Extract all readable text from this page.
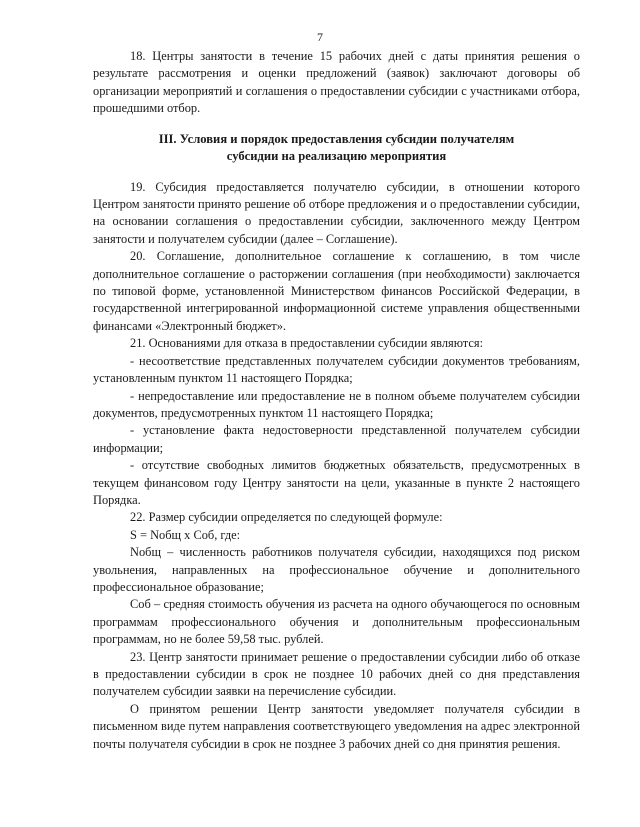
7

18. Центры занятости в течение 15 рабочих дней с даты принятия решения о результате рассмотрения и оценки предложений (заявок) заключают договоры об организации мероприятий и соглашения о предоставлении субсидии с участниками отбора, прошедшими отбор.

III. Условия и порядок предоставления субсидии получателям
субсидии на реализацию мероприятия

19. Субсидия предоставляется получателю субсидии, в отношении которого Центром занятости принято решение об отборе предложения и о предоставлении субсидии, на основании соглашения о предоставлении субсидии, заключенного между Центром занятости и получателем субсидии (далее – Соглашение).

20. Соглашение, дополнительное соглашение к соглашению, в том числе дополнительное соглашение о расторжении соглашения (при необходимости) заключается по типовой форме, установленной Министерством финансов Российской Федерации, в государственной интегрированной информационной системе управления общественными финансами «Электронный бюджет».

21. Основаниями для отказа в предоставлении субсидии являются:

- несоответствие представленных получателем субсидии документов требованиям, установленным пунктом 11 настоящего Порядка;

- непредоставление или предоставление не в полном объеме получателем субсидии документов, предусмотренных пунктом 11 настоящего Порядка;

- установление факта недостоверности представленной получателем субсидии информации;

- отсутствие свободных лимитов бюджетных обязательств, предусмотренных в текущем финансовом году Центру занятости на цели, указанные в пункте 2 настоящего Порядка.

22. Размер субсидии определяется по следующей формуле:

S = Nобщ x Соб, где:

Nобщ – численность работников получателя субсидии, находящихся под риском увольнения, направленных на профессиональное обучение и дополнительного профессиональное образование;

Соб – средняя стоимость обучения из расчета на одного обучающегося по основным программам профессионального обучения и дополнительным профессиональным программам, но не более 59,58 тыс. рублей.

23. Центр занятости принимает решение о предоставлении субсидии либо об отказе в предоставлении субсидии в срок не позднее 10 рабочих дней со дня представления получателем субсидии заявки на перечисление субсидии.

О принятом решении Центр занятости уведомляет получателя субсидии в письменном виде путем направления соответствующего уведомления на адрес электронной почты получателя субсидии в срок не позднее 3 рабочих дней со дня принятия решения.
